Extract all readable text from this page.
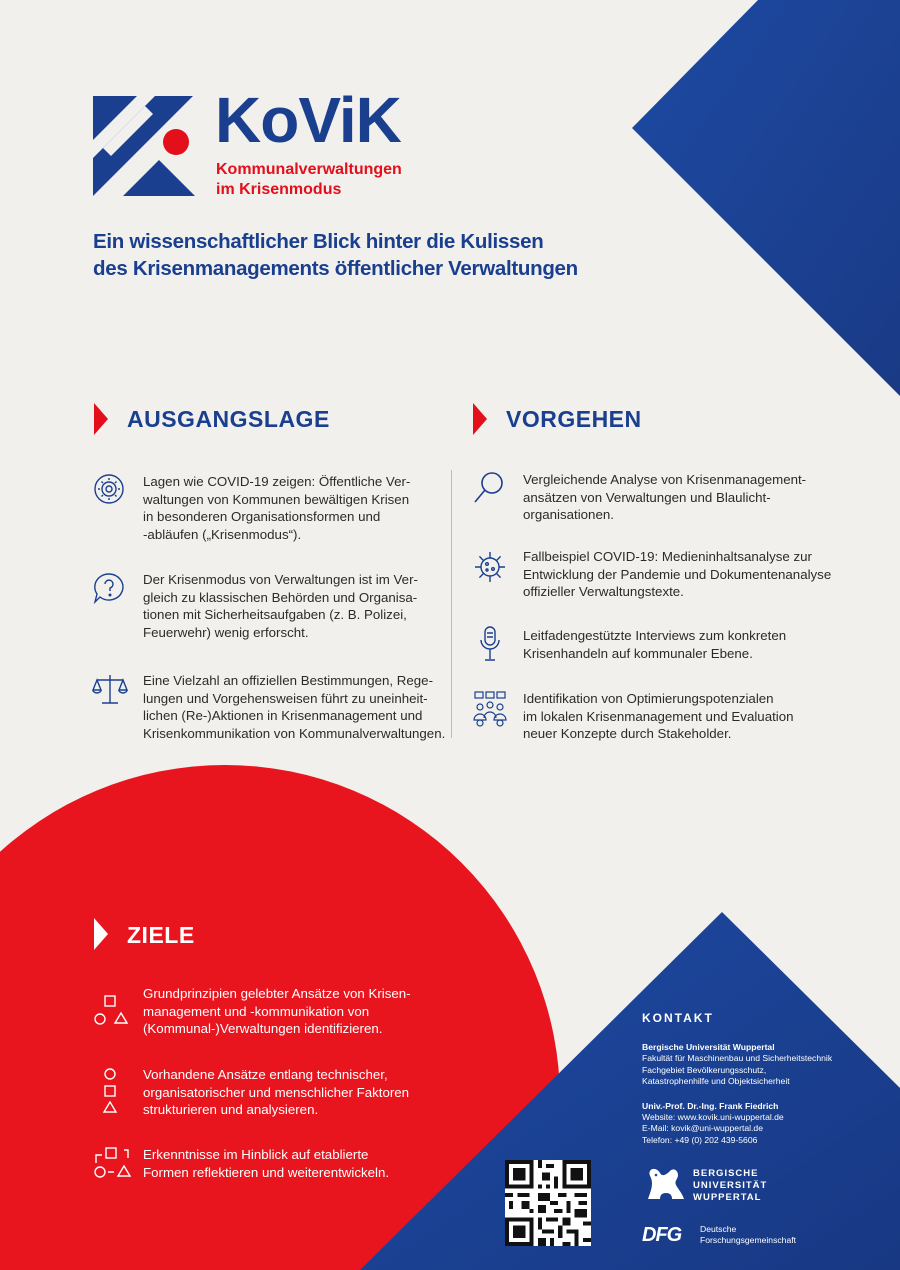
KoViK
Kommunalverwaltungen
im Krisenmodus
Ein wissenschaftlicher Blick hinter die Kulissen
des Krisenmanagements öffentlicher Verwaltungen
AUSGANGSLAGE
Lagen wie COVID-19 zeigen: Öffentliche Ver-
waltungen von Kommunen bewältigen Krisen
in besonderen Organisationsformen und
-abläufen („Krisenmodus“).
Der Krisenmodus von Verwaltungen ist im Ver-
gleich zu klassischen Behörden und Organisa-
tionen mit Sicherheitsaufgaben (z. B. Polizei,
Feuerwehr) wenig erforscht.
Eine Vielzahl an offiziellen Bestimmungen, Rege-
lungen und Vorgehensweisen führt zu uneinheit-
lichen (Re-)Aktionen in Krisenmanagement und
Krisenkommunikation von Kommunalverwaltungen.
VORGEHEN
Vergleichende Analyse von Krisenmanagement-
ansätzen von Verwaltungen und Blaulicht-
organisationen.
Fallbeispiel COVID-19: Medieninhaltsanalyse zur
Entwicklung der Pandemie und Dokumentenanalyse
offizieller Verwaltungstexte.
Leitfadengestützte Interviews zum konkreten
Krisenhandeln auf kommunaler Ebene.
Identifikation von Optimierungspotenzialen
im lokalen Krisenmanagement und Evaluation
neuer Konzepte durch Stakeholder.
ZIELE
Grundprinzipien gelebter Ansätze von Krisen-
management und -kommunikation von
(Kommunal-)Verwaltungen identifizieren.
Vorhandene Ansätze entlang technischer,
organisatorischer und menschlicher Faktoren
strukturieren und analysieren.
Erkenntnisse im Hinblick auf etablierte
Formen reflektieren und weiterentwickeln.
KONTAKT
Bergische Universität Wuppertal
Fakultät für Maschinenbau und Sicherheitstechnik
Fachgebiet Bevölkerungsschutz,
Katastrophenhilfe und Objektsicherheit
Univ.-Prof. Dr.-Ing. Frank Fiedrich
Website: www.kovik.uni-wuppertal.de
E-Mail: kovik@uni-wuppertal.de
Telefon: +49 (0) 202 439-5606
BERGISCHE
UNIVERSITÄT
WUPPERTAL
DFG Deutsche
Forschungsgemeinschaft
